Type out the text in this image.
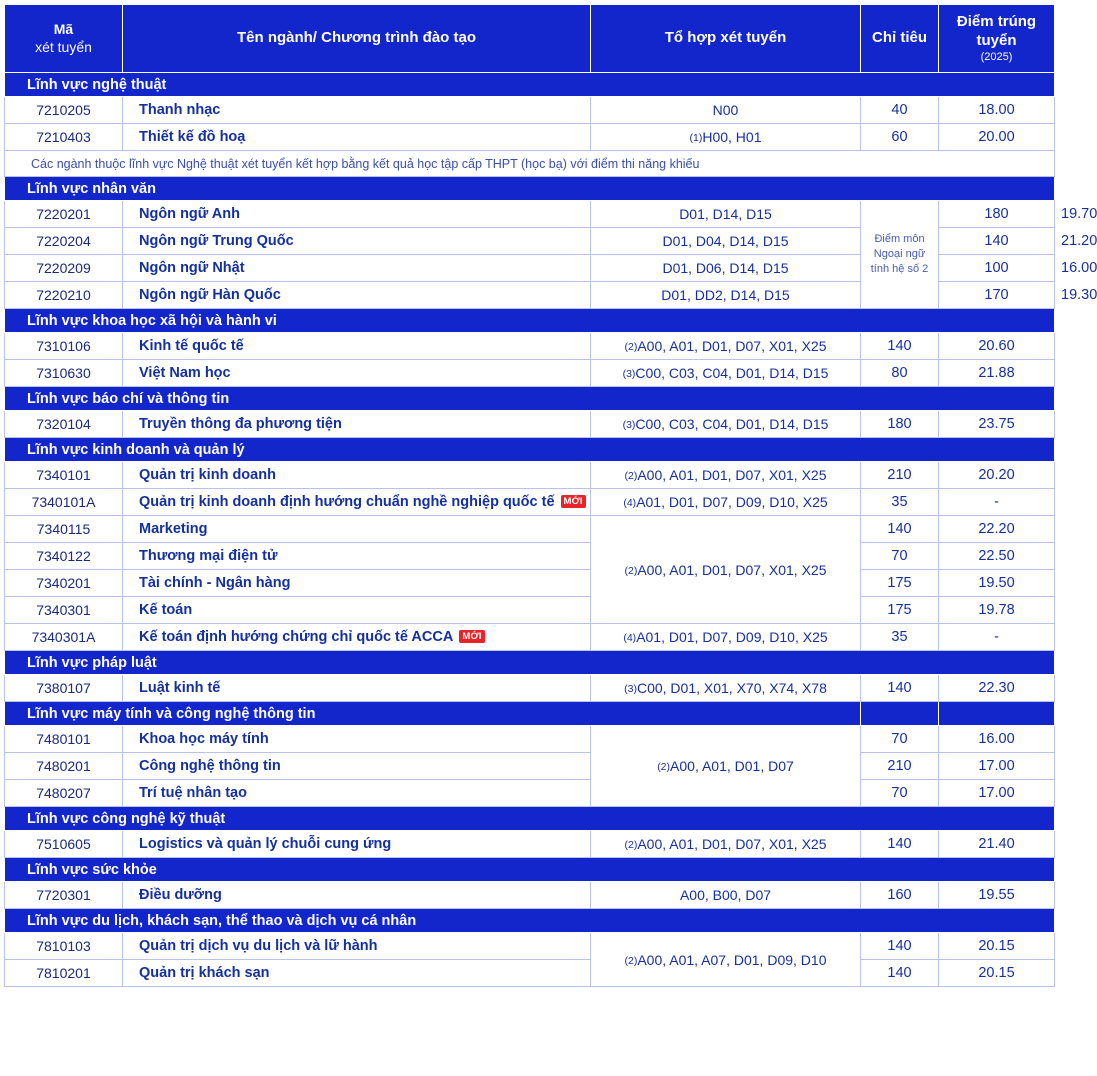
Mã
xét tuyển	Tên ngành/ Chương trình đào tạo	Tổ hợp xét tuyển	Chỉ tiêu	Điểm trúng tuyển
(2025)	

Lĩnh vực nghệ thuật					
7210205	Thanh nhạc	N00	40	18.00	
7210403	Thiết kế đồ hoạ	(1)H00, H01	60	20.00	
Các ngành thuộc lĩnh vực Nghệ thuật xét tuyển kết hợp bằng kết quả học tập cấp THPT (học bạ) với điểm thi năng khiếu					
Lĩnh vực nhân văn					
7220201	Ngôn ngữ Anh	D01, D14, D15	Điểm môn Ngoại ngữ tính hệ số 2	180	19.70
7220204	Ngôn ngữ Trung Quốc	D01, D04, D14, D15		140	21.20
7220209	Ngôn ngữ Nhật	D01, D06, D14, D15		100	16.00
7220210	Ngôn ngữ Hàn Quốc	D01, DD2, D14, D15		170	19.30
Lĩnh vực khoa học xã hội và hành vi					
7310106	Kinh tế quốc tế	(2)A00, A01, D01, D07, X01, X25	140	20.60	
7310630	Việt Nam học	(3)C00, C03, C04, D01, D14, D15	80	21.88	
Lĩnh vực báo chí và thông tin					
7320104	Truyền thông đa phương tiện	(3)C00, C03, C04, D01, D14, D15	180	23.75	
Lĩnh vực kinh doanh và quản lý					
7340101	Quản trị kinh doanh	(2)A00, A01, D01, D07, X01, X25	210	20.20	
7340101A	Quản trị kinh doanh định hướng chuẩn nghề nghiệp quốc tế MỚI	(4)A01, D01, D07, D09, D10, X25	35	-	
7340115	Marketing	(2)A00, A01, D01, D07, X01, X25	140	22.20	
7340122	Thương mại điện tử		70	22.50	
7340201	Tài chính - Ngân hàng		175	19.50	
7340301	Kế toán		175	19.78	
7340301A	Kế toán định hướng chứng chỉ quốc tế ACCA MỚI	(4)A01, D01, D07, D09, D10, X25	35	-	
Lĩnh vực pháp luật					
7380107	Luật kinh tế	(3)C00, D01, X01, X70, X74, X78	140	22.30	
Lĩnh vực máy tính và công nghệ thông tin					
7480101	Khoa học máy tính	(2)A00, A01, D01, D07	70	16.00	
7480201	Công nghệ thông tin		210	17.00	
7480207	Trí tuệ nhân tạo		70	17.00	
Lĩnh vực công nghệ kỹ thuật					
7510605	Logistics và quản lý chuỗi cung ứng	(2)A00, A01, D01, D07, X01, X25	140	21.40	
Lĩnh vực sức khỏe					
7720301	Điều dưỡng	A00, B00, D07	160	19.55	
Lĩnh vực du lịch, khách sạn, thể thao và dịch vụ cá nhân					
7810103	Quản trị dịch vụ du lịch và lữ hành	(2)A00, A01, A07, D01, D09, D10	140	20.15	
7810201	Quản trị khách sạn		140	20.15	
